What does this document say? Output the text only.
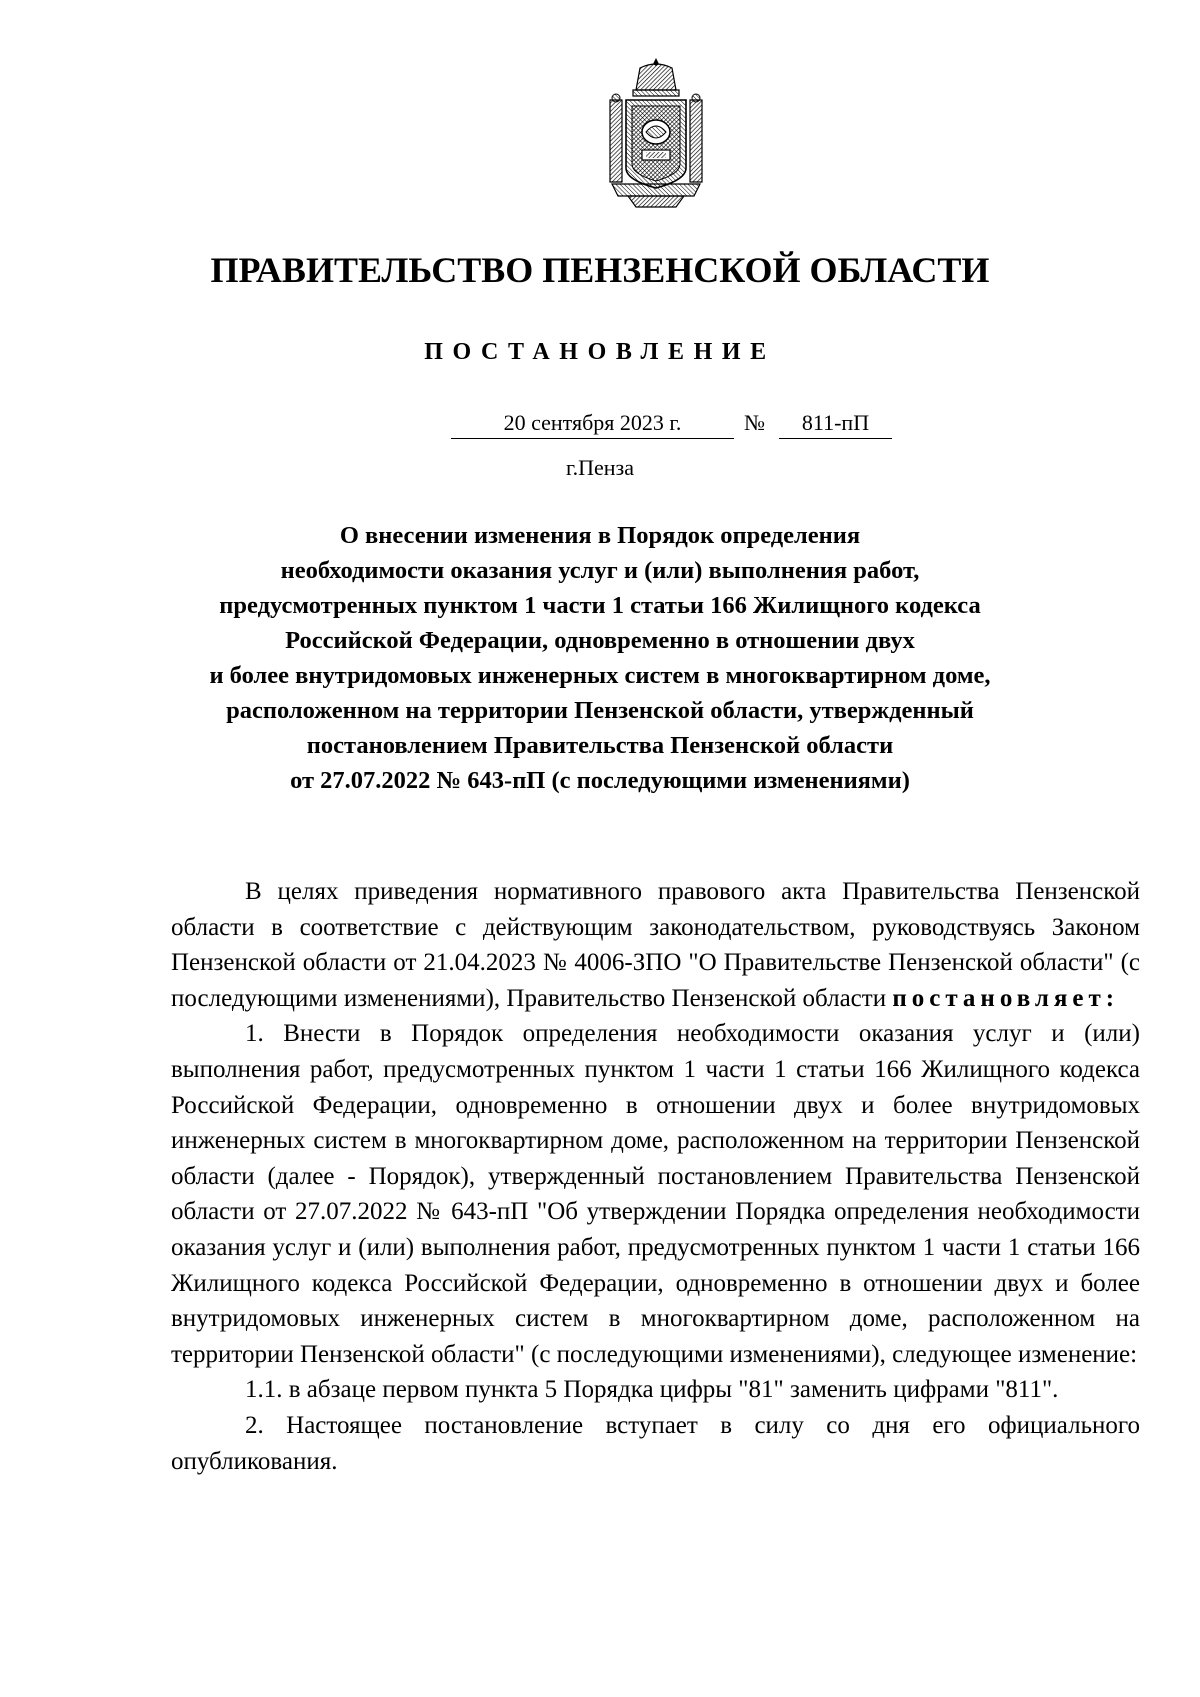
ПРАВИТЕЛЬСТВО ПЕНЗЕНСКОЙ ОБЛАСТИ
ПОСТАНОВЛЕНИЕ
20 сентября 2023 г.	№	811-пП
г.Пенза
О внесении изменения в Порядок определения
необходимости оказания услуг и (или) выполнения работ,
предусмотренных пунктом 1 части 1 статьи 166 Жилищного кодекса
Российской Федерации, одновременно в отношении двух
и более внутридомовых инженерных систем в многоквартирном доме,
расположенном на территории Пензенской области, утвержденный
постановлением Правительства Пензенской области
от 27.07.2022 № 643-пП (с последующими изменениями)

В целях приведения нормативного правового акта Правительства Пензенской области в соответствие с действующим законодательством, руководствуясь Законом Пензенской области от 21.04.2023 № 4006-ЗПО "О Правительстве Пензенской области" (с последующими изменениями), Правительство Пензенской области постановляет:

1. Внести в Порядок определения необходимости оказания услуг и (или) выполнения работ, предусмотренных пунктом 1 части 1 статьи 166 Жилищного кодекса Российской Федерации, одновременно в отношении двух и более внутридомовых инженерных систем в многоквартирном доме, расположенном на территории Пензенской области (далее - Порядок), утвержденный постановлением Правительства Пензенской области от 27.07.2022 № 643-пП "Об утверждении Порядка определения необходимости оказания услуг и (или) выполнения работ, предусмотренных пунктом 1 части 1 статьи 166 Жилищного кодекса Российской Федерации, одновременно в отношении двух и более внутридомовых инженерных систем в многоквартирном доме, расположенном на территории Пензенской области" (с последующими изменениями), следующее изменение:

1.1. в абзаце первом пункта 5 Порядка цифры "81" заменить цифрами "811".

2. Настоящее постановление вступает в силу со дня его официального опубликования.
